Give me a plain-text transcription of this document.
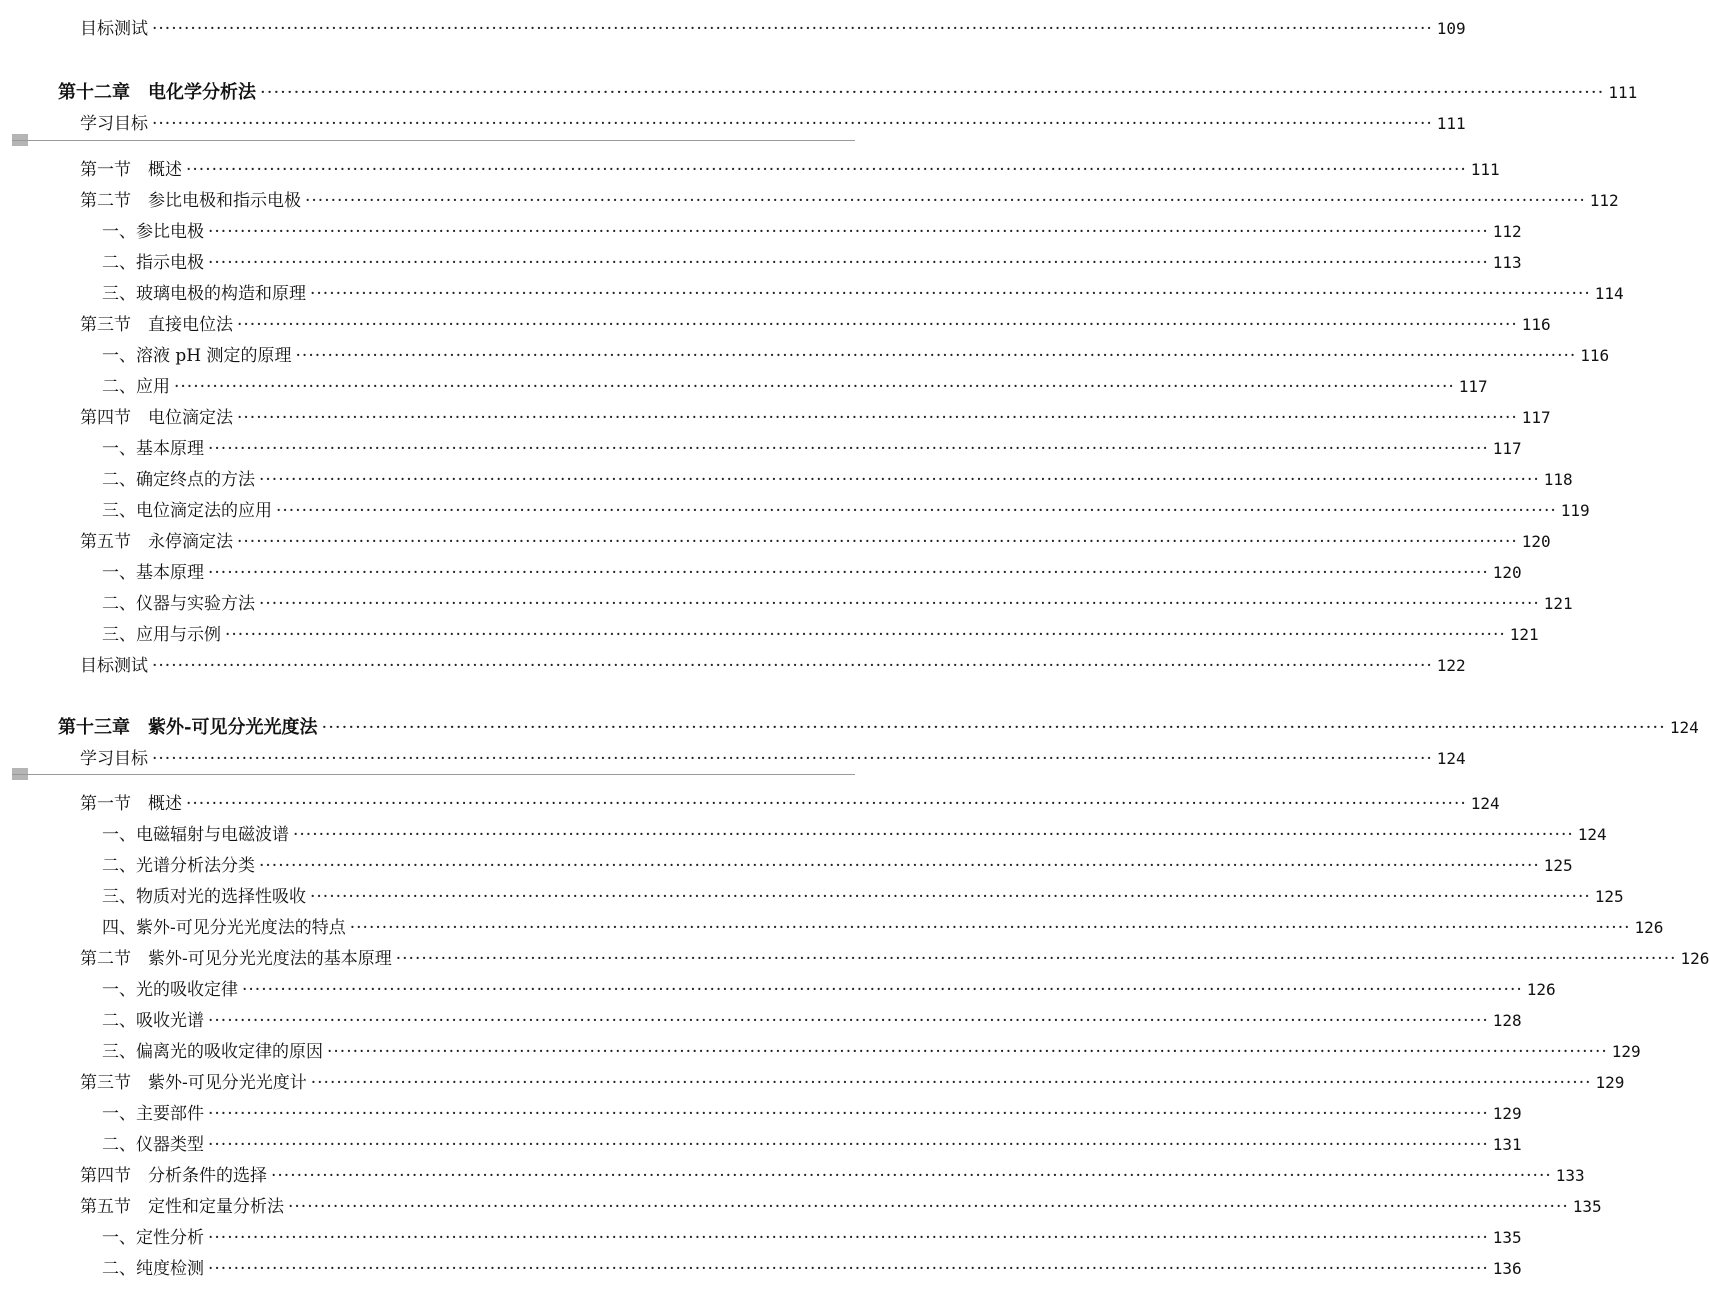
目标测试 ········································································································································································································ 109
第十二章　电化学分析法 ········································································································································································································ 111
学习目标 ········································································································································································································ 111
第一节　概述 ········································································································································································································ 111
第二节　参比电极和指示电极 ········································································································································································································ 112
一、参比电极 ········································································································································································································ 112
二、指示电极 ········································································································································································································ 113
三、玻璃电极的构造和原理 ········································································································································································································ 114
第三节　直接电位法 ········································································································································································································ 116
一、溶液 pH 测定的原理 ········································································································································································································ 116
二、应用 ········································································································································································································ 117
第四节　电位滴定法 ········································································································································································································ 117
一、基本原理 ········································································································································································································ 117
二、确定终点的方法 ········································································································································································································ 118
三、电位滴定法的应用 ········································································································································································································ 119
第五节　永停滴定法 ········································································································································································································ 120
一、基本原理 ········································································································································································································ 120
二、仪器与实验方法 ········································································································································································································ 121
三、应用与示例 ········································································································································································································ 121
目标测试 ········································································································································································································ 122
第十三章　紫外-可见分光光度法 ········································································································································································································ 124
学习目标 ········································································································································································································ 124
第一节　概述 ········································································································································································································ 124
一、电磁辐射与电磁波谱 ········································································································································································································ 124
二、光谱分析法分类 ········································································································································································································ 125
三、物质对光的选择性吸收 ········································································································································································································ 125
四、紫外-可见分光光度法的特点 ········································································································································································································ 126
第二节　紫外-可见分光光度法的基本原理 ········································································································································································································ 126
一、光的吸收定律 ········································································································································································································ 126
二、吸收光谱 ········································································································································································································ 128
三、偏离光的吸收定律的原因 ········································································································································································································ 129
第三节　紫外-可见分光光度计 ········································································································································································································ 129
一、主要部件 ········································································································································································································ 129
二、仪器类型 ········································································································································································································ 131
第四节　分析条件的选择 ········································································································································································································ 133
第五节　定性和定量分析法 ········································································································································································································ 135
一、定性分析 ········································································································································································································ 135
二、纯度检测 ········································································································································································································ 136
